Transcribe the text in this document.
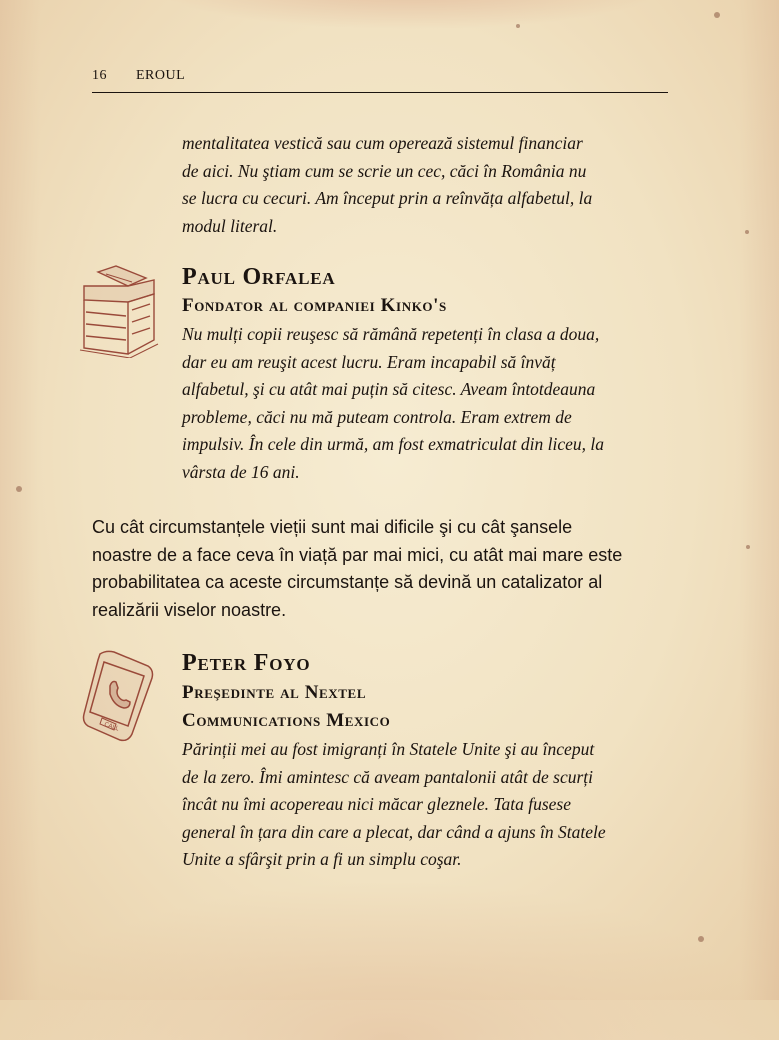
16 EROUL
mentalitatea vestică sau cum operează sistemul financiar
de aici. Nu ştiam cum se scrie un cec, căci în România nu
se lucra cu cecuri. Am început prin a reînvăța alfabetul, la
modul literal.
Paul Orfalea
Fondator al companiei Kinko's
Nu mulți copii reuşesc să rămână repetenți în clasa a doua,
dar eu am reuşit acest lucru. Eram incapabil să învăț
alfabetul, şi cu atât mai puțin să citesc. Aveam întotdeauna
probleme, căci nu mă puteam controla. Eram extrem de
impulsiv. În cele din urmă, am fost exmatriculat din liceu, la
vârsta de 16 ani.
Cu cât circumstanțele vieții sunt mai dificile şi cu cât şansele
noastre de a face ceva în viață par mai mici, cu atât mai mare este
probabilitatea ca aceste circumstanțe să devină un catalizator al
realizării viselor noastre.
CALL
Peter Foyo
Preşedinte al Nextel
Communications Mexico
Părinții mei au fost imigranți în Statele Unite şi au început
de la zero. Îmi amintesc că aveam pantalonii atât de scurți
încât nu îmi acopereau nici măcar gleznele. Tata fusese
general în țara din care a plecat, dar când a ajuns în Statele
Unite a sfârşit prin a fi un simplu coşar.
